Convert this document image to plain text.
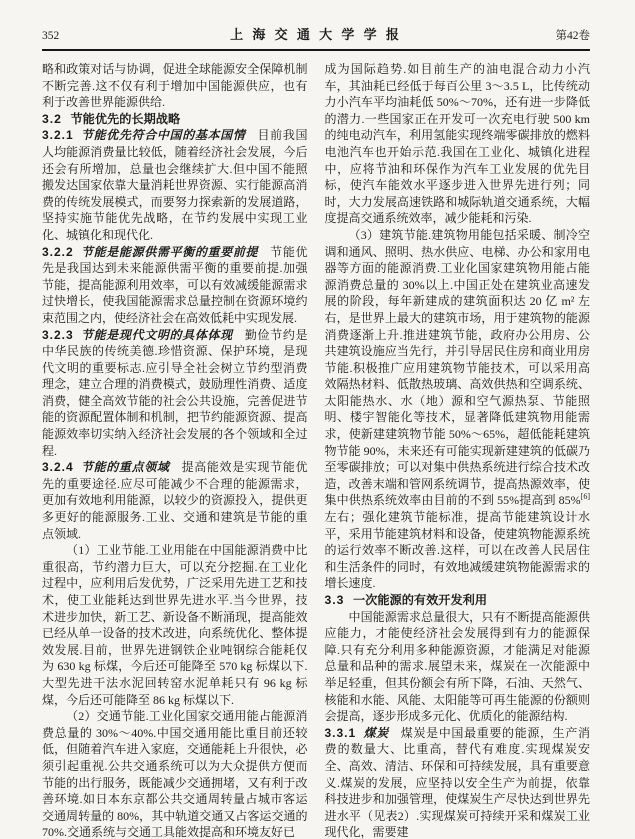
352	上 海 交 通 大 学 学 报	第42卷

略和政策对话与协调，促进全球能源安全保障机制不断完善.这不仅有利于增加中国能源供应，也有利于改善世界能源供给.

3.2 节能优先的长期战略

3.2.1 节能优先符合中国的基本国情 目前我国人均能源消费量比较低，随着经济社会发展，今后还会有所增加，总量也会继续扩大.但中国不能照搬发达国家依靠大量消耗世界资源、实行能源高消费的传统发展模式，而要努力探索新的发展道路，坚持实施节能优先战略，在节约发展中实现工业化、城镇化和现代化.

3.2.2 节能是能源供需平衡的重要前提 节能优先是我国达到未来能源供需平衡的重要前提.加强节能，提高能源利用效率，可以有效减缓能源需求过快增长，使我国能源需求总量控制在资源环境约束范围之内，使经济社会在高效低耗中实现发展.

3.2.3 节能是现代文明的具体体现 勤俭节约是中华民族的传统美德.珍惜资源、保护环境，是现代文明的重要标志.应引导全社会树立节约型消费理念，建立合理的消费模式，鼓励理性消费、适度消费，健全高效节能的社会公共设施，完善促进节能的资源配置体制和机制，把节约能源资源、提高能源效率切实纳入经济社会发展的各个领域和全过程.

3.2.4 节能的重点领域 提高能效是实现节能优先的重要途径.应尽可能减少不合理的能源需求，更加有效地利用能源，以较少的资源投入，提供更多更好的能源服务.工业、交通和建筑是节能的重点领域.

（1）工业节能.工业用能在中国能源消费中比重很高，节约潜力巨大，可以充分挖掘.在工业化过程中，应利用后发优势，广泛采用先进工艺和技术，使工业能耗达到世界先进水平.当今世界，技术进步加快，新工艺、新设备不断涌现，提高能效已经从单一设备的技术改进，向系统优化、整体提效发展.目前，世界先进钢铁企业吨钢综合能耗仅为 630 kg 标煤，今后还可能降至 570 kg 标煤以下.大型先进干法水泥回转窑水泥单耗只有 96 kg 标煤，今后还可能降至 86 kg 标煤以下.

（2）交通节能.工业化国家交通用能占能源消费总量的 30%～40%.中国交通用能比重目前还较低，但随着汽车进入家庭，交通能耗上升很快，必须引起重视.公共交通系统可以为大众提供方便而节能的出行服务，既能减少交通拥堵，又有利于改善环境.如日本东京都公共交通周转量占城市客运交通周转量的 80%，其中轨道交通又占客运交通的 70%.交通系统与交通工具能效提高和环境友好已

成为国际趋势.如目前生产的油电混合动力小汽车，其油耗已经低于每百公里 3～3.5 L，比传统动力小汽车平均油耗低 50%～70%，还有进一步降低的潜力.一些国家正在开发可一次充电行驶 500 km 的纯电动汽车，利用氢能实现终端零碳排放的燃料电池汽车也开始示范.我国在工业化、城镇化进程中，应将节油和环保作为汽车工业发展的优先目标，使汽车能效水平逐步进入世界先进行列；同时，大力发展高速铁路和城际轨道交通系统，大幅度提高交通系统效率，减少能耗和污染.

（3）建筑节能.建筑物用能包括采暖、制冷空调和通风、照明、热水供应、电梯、办公和家用电器等方面的能源消费.工业化国家建筑物用能占能源消费总量的 30%以上.中国正处在建筑业高速发展的阶段，每年新建成的建筑面积达 20 亿 m² 左右，是世界上最大的建筑市场，用于建筑物的能源消费逐渐上升.推进建筑节能，政府办公用房、公共建筑设施应当先行，并引导居民住房和商业用房节能.积极推广应用建筑物节能技术，可以采用高效隔热材料、低散热玻璃、高效供热和空调系统、太阳能热水、水（地）源和空气源热泵、节能照明、楼宇智能化等技术，显著降低建筑物用能需求，使新建建筑物节能 50%～65%，超低能耗建筑物节能 90%，未来还有可能实现新建建筑的低碳乃至零碳排放；可以对集中供热系统进行综合技术改造，改善末端和管网系统调节，提高热源效率，使集中供热系统效率由目前的不到 55%提高到 85%[6]左右；强化建筑节能标准，提高节能建筑设计水平，采用节能建筑材料和设备，使建筑物能源系统的运行效率不断改善.这样，可以在改善人民居住和生活条件的同时，有效地减缓建筑物能源需求的增长速度.

3.3 一次能源的有效开发利用

中国能源需求总量很大，只有不断提高能源供应能力，才能使经济社会发展得到有力的能源保障.只有充分利用多种能源资源，才能满足对能源总量和品种的需求.展望未来，煤炭在一次能源中举足轻重，但其份额会有所下降，石油、天然气、核能和水能、风能、太阳能等可再生能源的份额则会提高，逐步形成多元化、优质化的能源结构.

3.3.1 煤炭 煤炭是中国最重要的能源，生产消费的数量大、比重高，替代有难度.实现煤炭安全、高效、清洁、环保和可持续发展，具有重要意义.煤炭的发展，应坚持以安全生产为前提，依靠科技进步和加强管理，使煤炭生产尽快达到世界先进水平（见表2）.实现煤炭可持续开采和煤炭工业现代化，需要建
